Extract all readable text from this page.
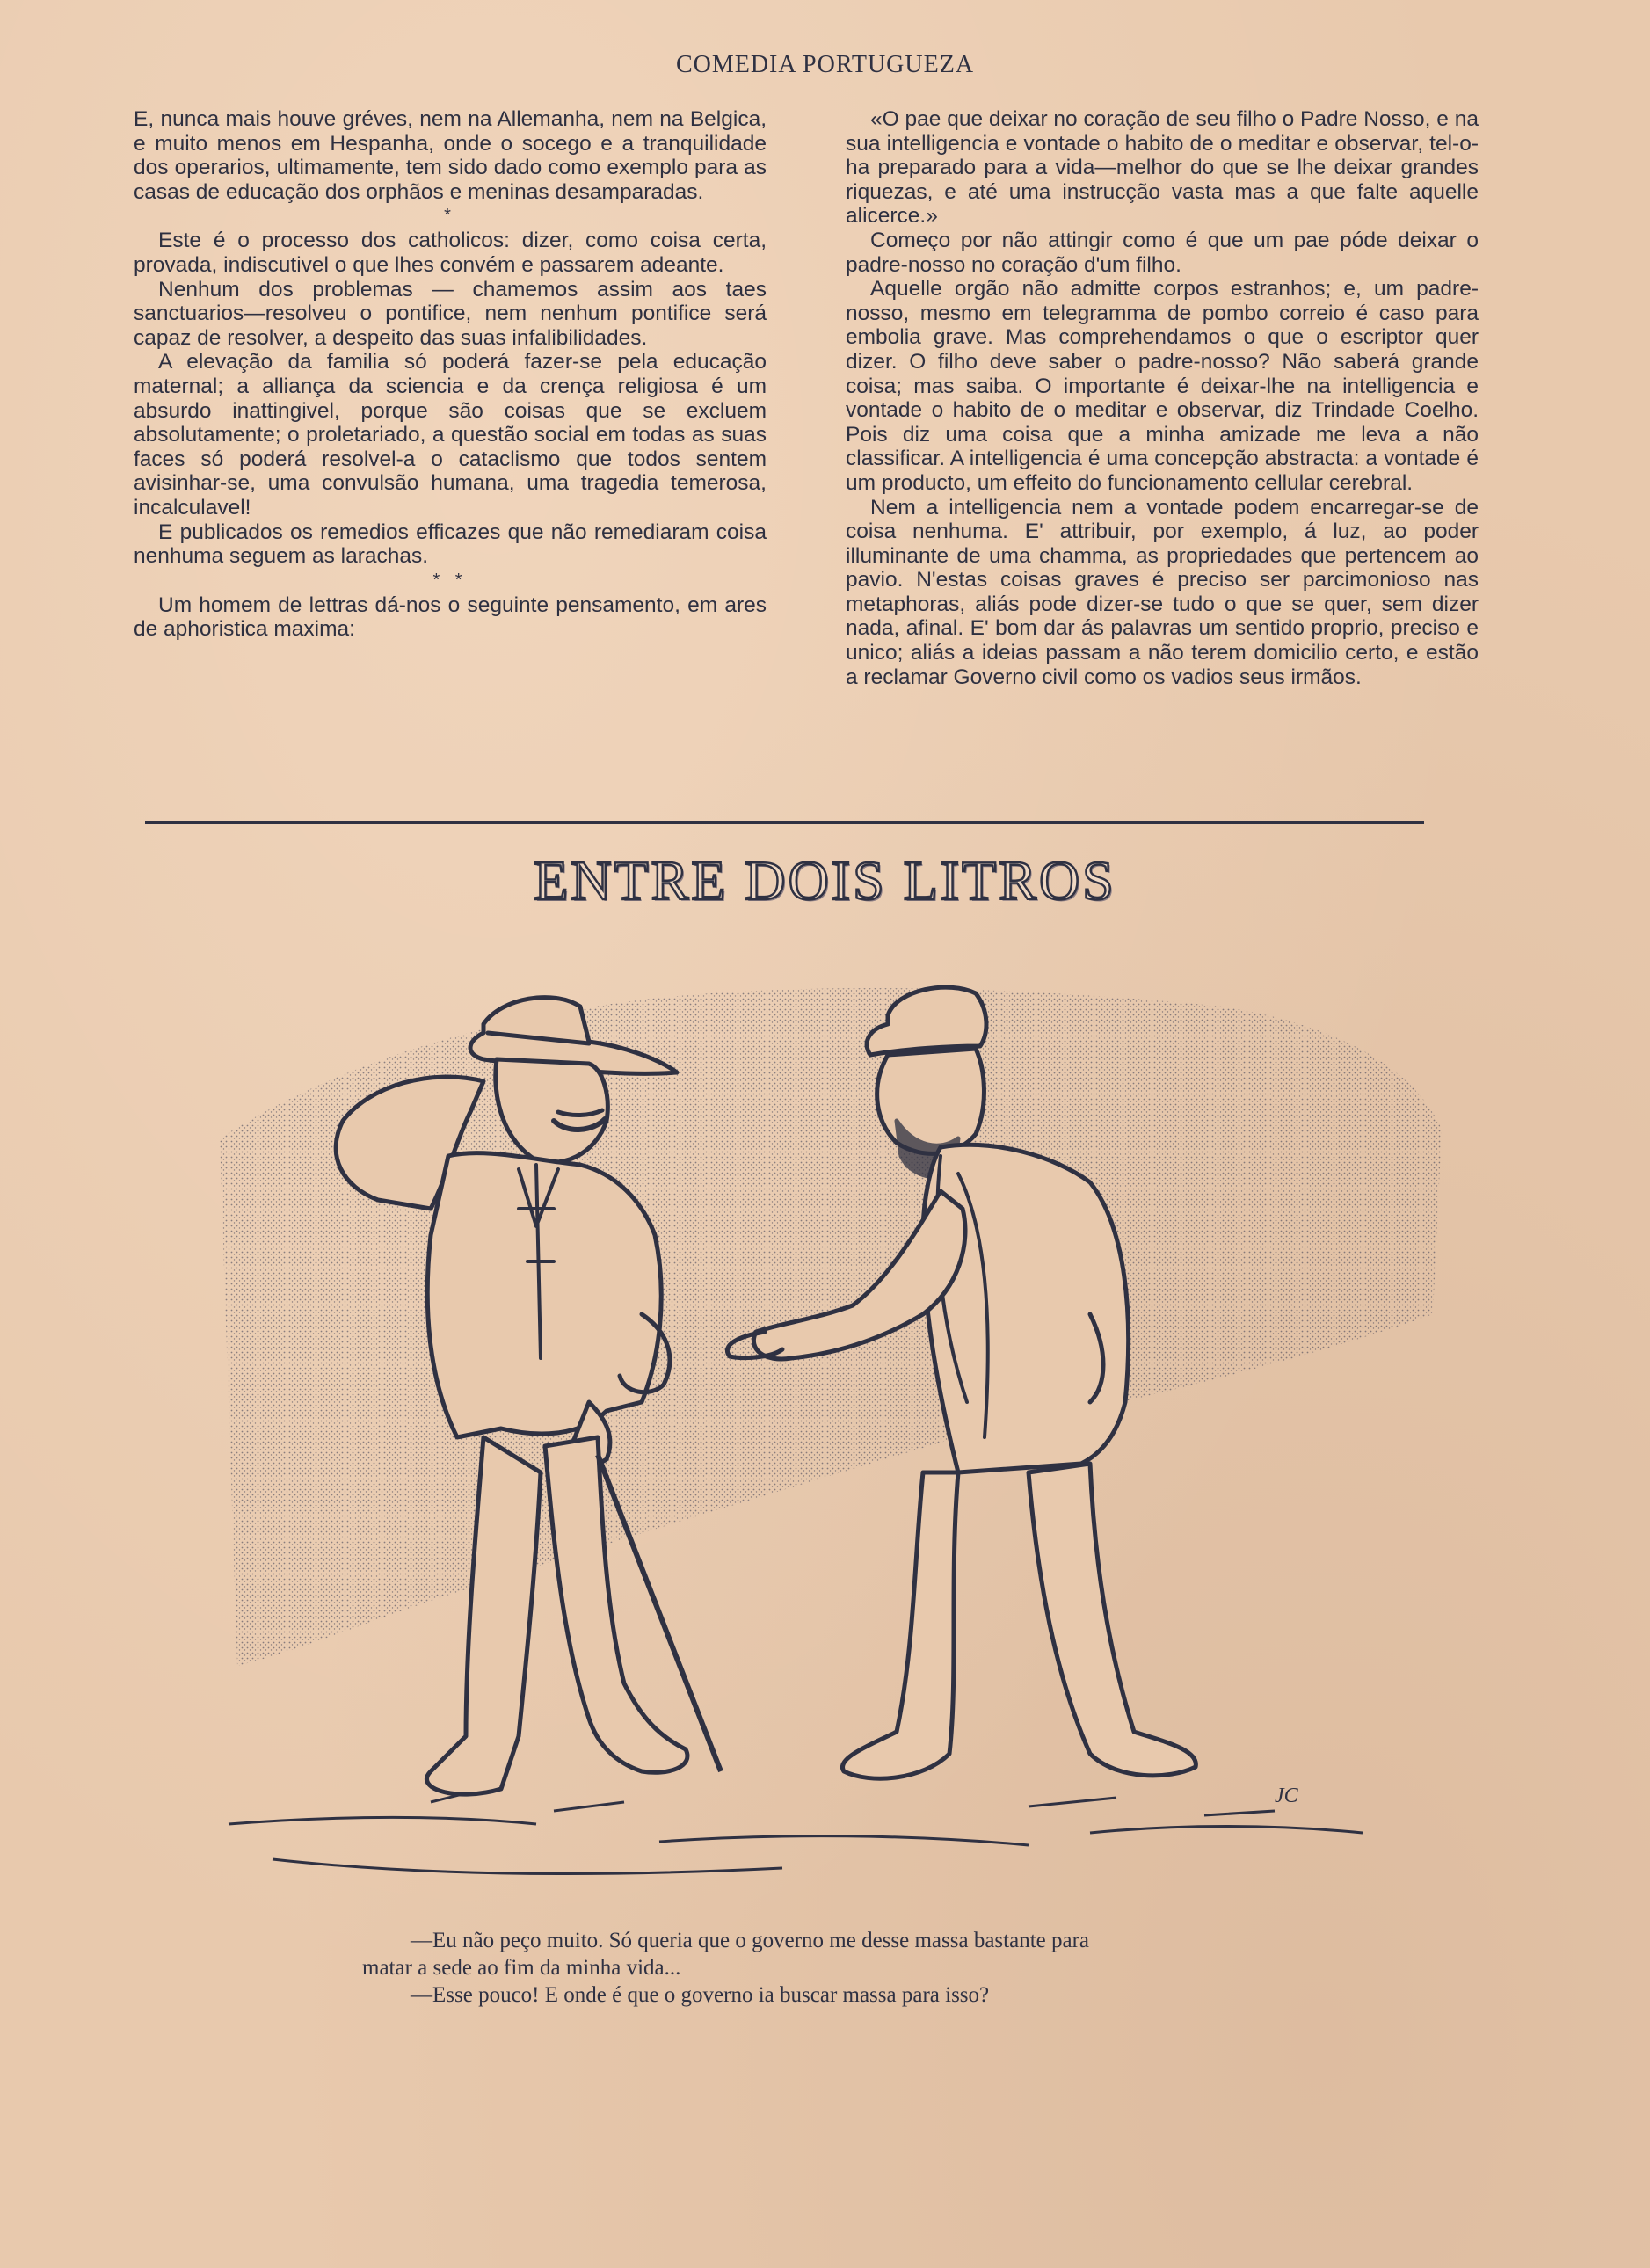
COMEDIA PORTUGUEZA

E, nunca mais houve gréves, nem na Allemanha, nem na Belgica, e muito menos em Hespanha, onde o socego e a tranquilidade dos operarios, ultimamente, tem sido dado como exemplo para as casas de educação dos orphãos e meninas desamparadas.

*

Este é o processo dos catholicos: dizer, como coisa certa, provada, indiscutivel o que lhes convém e passarem adeante.

Nenhum dos problemas — chamemos assim aos taes sanctuarios—resolveu o pontifice, nem nenhum pontifice será capaz de resolver, a despeito das suas infalibilidades.

A elevação da familia só poderá fazer-se pela educação maternal; a alliança da sciencia e da crença religiosa é um absurdo inattingivel, porque são coisas que se excluem absolutamente; o proletariado, a questão social em todas as suas faces só poderá resolvel-a o cataclismo que todos sentem avisinhar-se, uma convulsão humana, uma tragedia temerosa, incalculavel!

E publicados os remedios efficazes que não remediaram coisa nenhuma seguem as larachas.

* *

Um homem de lettras dá-nos o seguinte pensamento, em ares de aphoristica maxima:

«O pae que deixar no coração de seu filho o Padre Nosso, e na sua intelligencia e vontade o habito de o meditar e observar, tel-o-ha preparado para a vida—melhor do que se lhe deixar grandes riquezas, e até uma instrucção vasta mas a que falte aquelle alicerce.»

Começo por não attingir como é que um pae póde deixar o padre-nosso no coração d'um filho.

Aquelle orgão não admitte corpos estranhos; e, um padre-nosso, mesmo em telegramma de pombo correio é caso para embolia grave. Mas comprehendamos o que o escriptor quer dizer. O filho deve saber o padre-nosso? Não saberá grande coisa; mas saiba. O importante é deixar-lhe na intelligencia e vontade o habito de o meditar e observar, diz Trindade Coelho. Pois diz uma coisa que a minha amizade me leva a não classificar. A intelligencia é uma concepção abstracta: a vontade é um producto, um effeito do funcionamento cellular cerebral.

Nem a intelligencia nem a vontade podem encarregar-se de coisa nenhuma. E' attribuir, por exemplo, á luz, ao poder illuminante de uma chamma, as propriedades que pertencem ao pavio. N'estas coisas graves é preciso ser parcimonioso nas metaphoras, aliás pode dizer-se tudo o que se quer, sem dizer nada, afinal. E' bom dar ás palavras um sentido proprio, preciso e unico; aliás a ideias passam a não terem domicilio certo, e estão a reclamar Governo civil como os vadios seus irmãos.

ENTRE DOIS LITROS
JC

—Eu não peço muito. Só queria que o governo me desse massa bastante para

matar a sede ao fim da minha vida...

—Esse pouco! E onde é que o governo ia buscar massa para isso?
